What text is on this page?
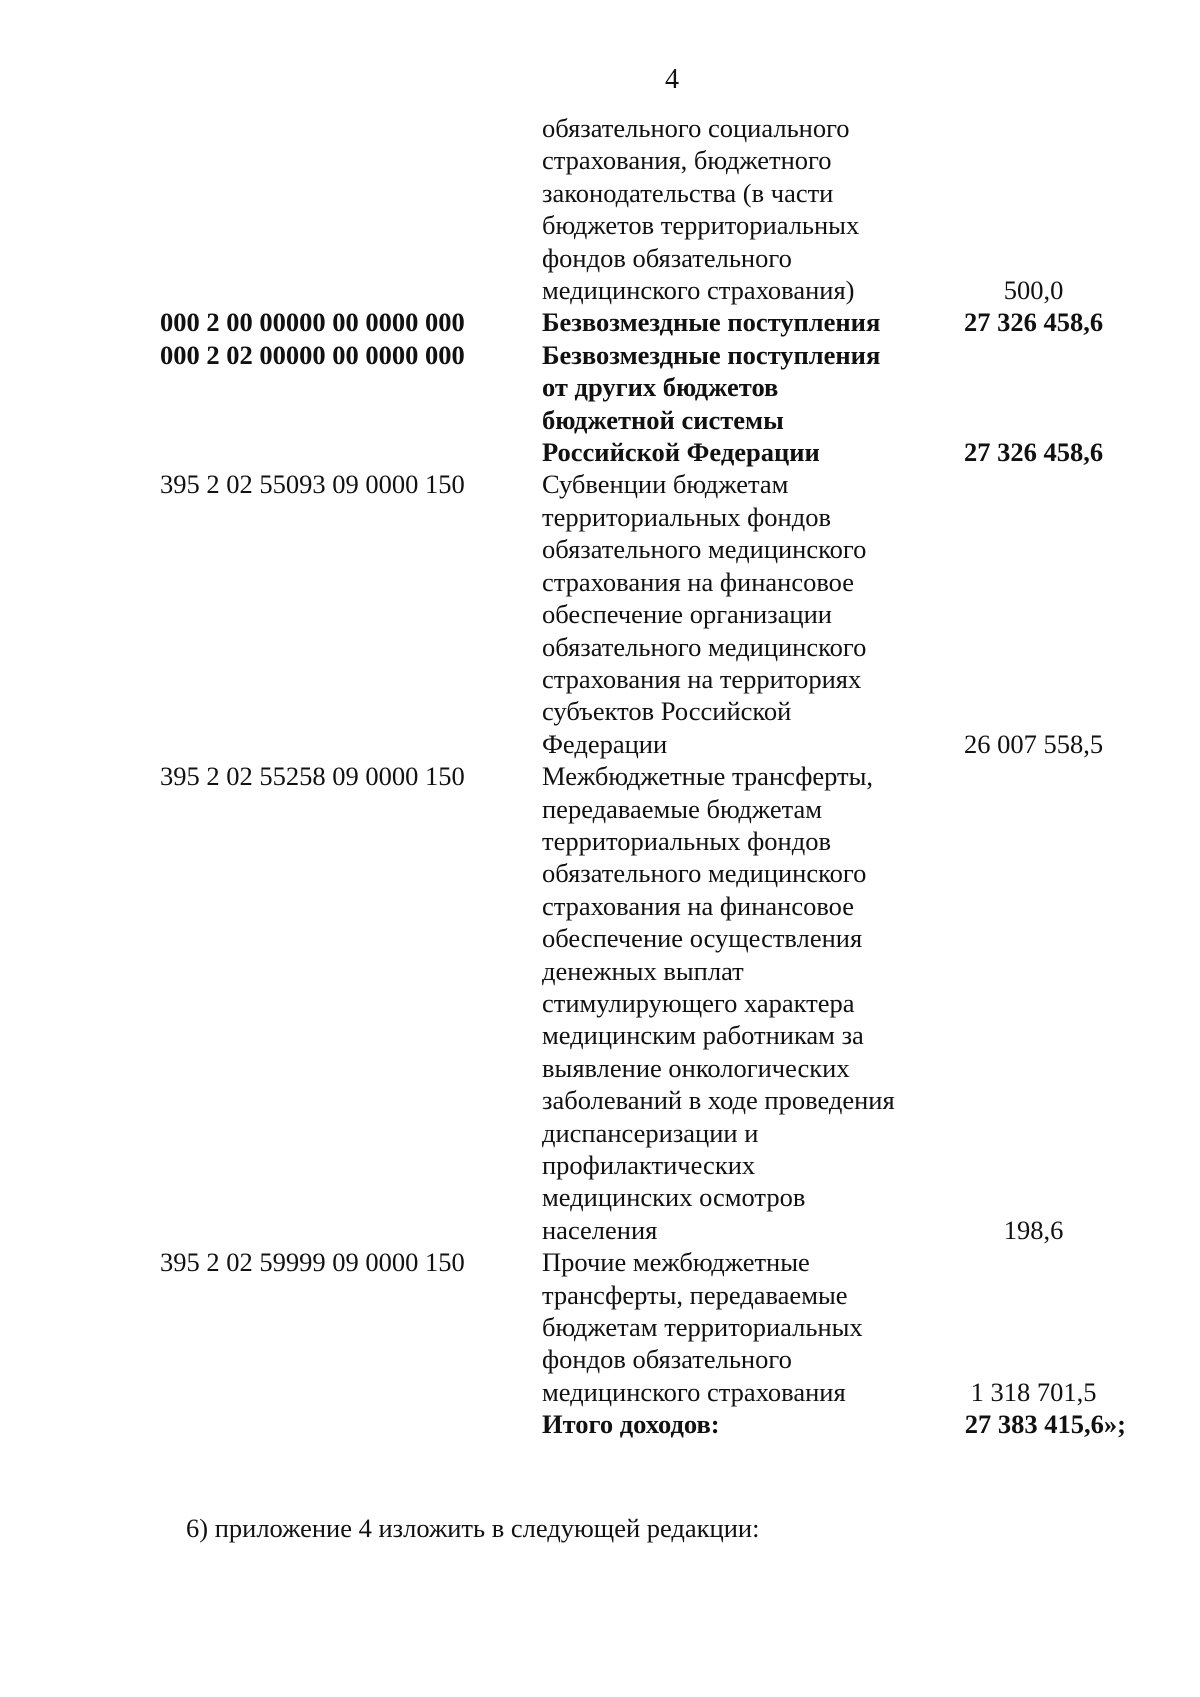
4
обязательного социального
страхования, бюджетного
законодательства (в части
бюджетов территориальных
фондов обязательного
медицинского страхования)	500,0
000 2 00 00000 00 0000 000	Безвозмездные поступления	27 326 458,6
000 2 02 00000 00 0000 000	Безвозмездные поступления
от других бюджетов
бюджетной системы
Российской Федерации	27 326 458,6
395 2 02 55093 09 0000 150	Субвенции бюджетам
территориальных фондов
обязательного медицинского
страхования на финансовое
обеспечение организации
обязательного медицинского
страхования на территориях
субъектов Российской
Федерации	26 007 558,5
395 2 02 55258 09 0000 150	Межбюджетные трансферты,
передаваемые бюджетам
территориальных фондов
обязательного медицинского
страхования на финансовое
обеспечение осуществления
денежных выплат
стимулирующего характера
медицинским работникам за
выявление онкологических
заболеваний в ходе проведения
диспансеризации и
профилактических
медицинских осмотров
населения	198,6
395 2 02 59999 09 0000 150	Прочие межбюджетные
трансферты, передаваемые
бюджетам территориальных
фондов обязательного
медицинского страхования	1 318 701,5
Итого доходов:	27 383 415,6»;
6) приложение 4 изложить в следующей редакции:
